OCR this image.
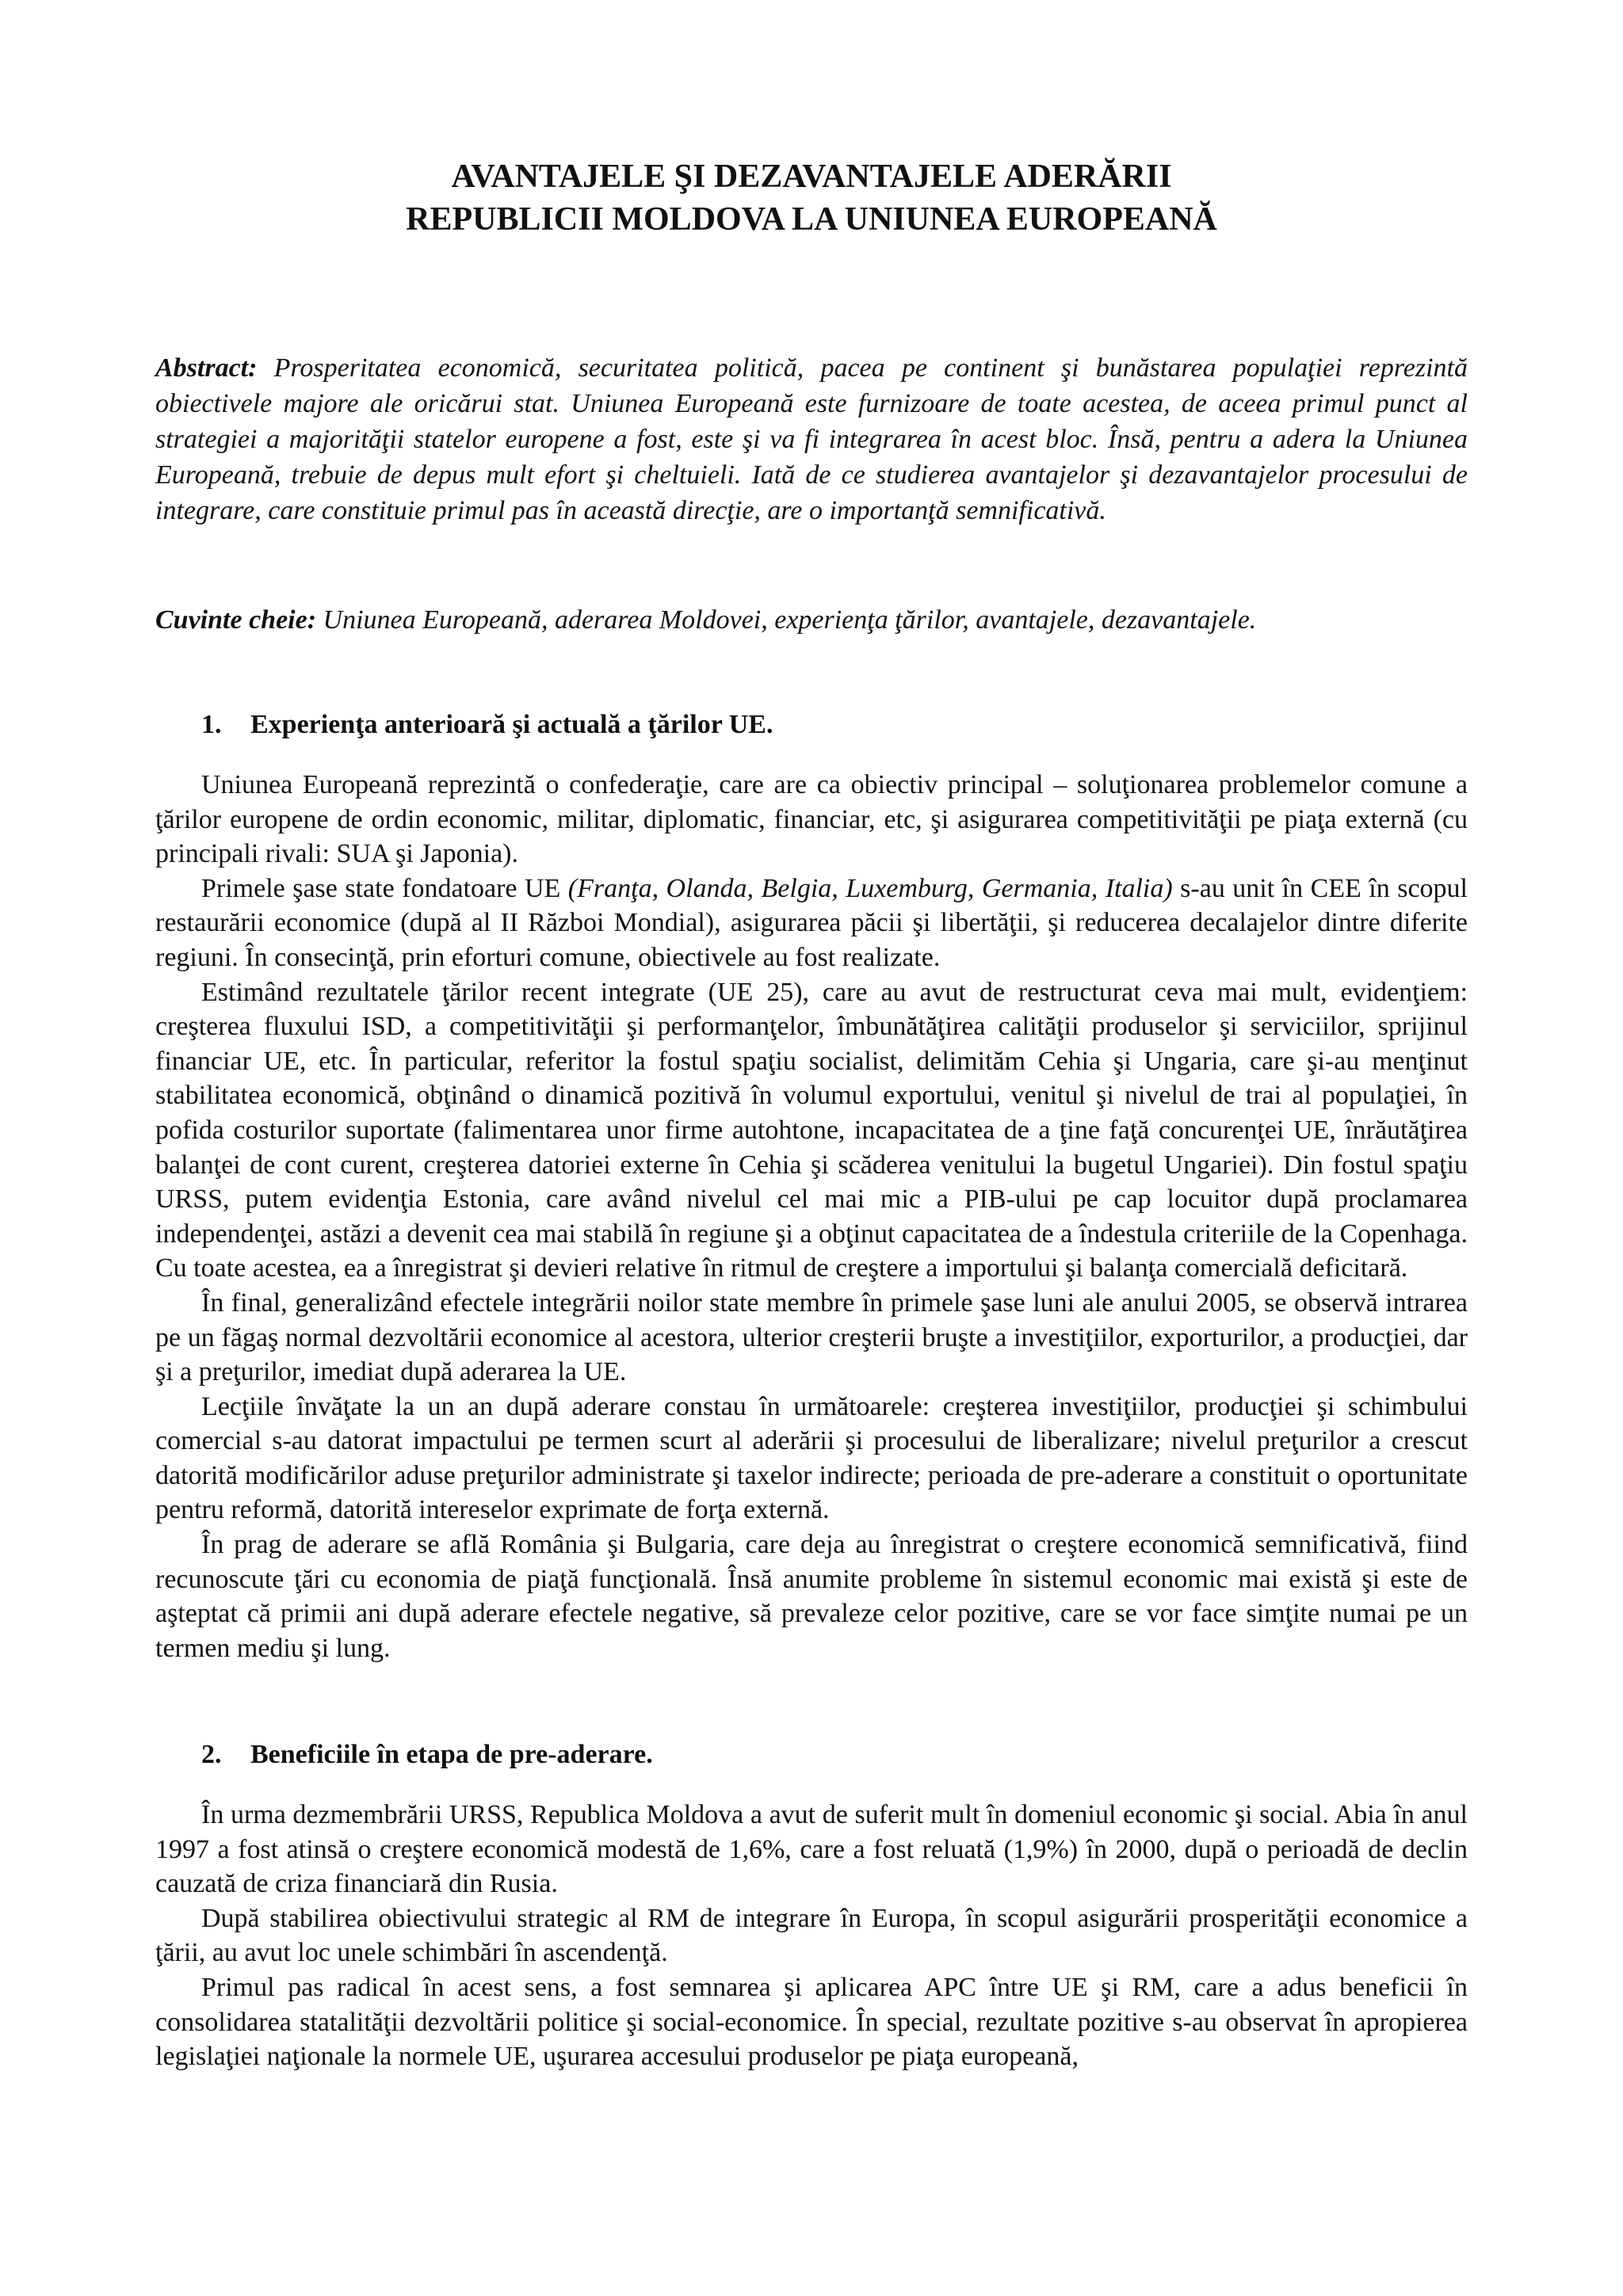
AVANTAJELE ŞI DEZAVANTAJELE ADERĂRII
REPUBLICII MOLDOVA LA UNIUNEA EUROPEANĂ

Abstract: Prosperitatea economică, securitatea politică, pacea pe continent şi bunăstarea populaţiei reprezintă obiectivele majore ale oricărui stat. Uniunea Europeană este furnizoare de toate acestea, de aceea primul punct al strategiei a majorităţii statelor europene a fost, este şi va fi integrarea în acest bloc. Însă, pentru a adera la Uniunea Europeană, trebuie de depus mult efort şi cheltuieli. Iată de ce studierea avantajelor şi dezavantajelor procesului de integrare, care constituie primul pas în această direcţie, are o importanţă semnificativă.

Cuvinte cheie: Uniunea Europeană, aderarea Moldovei, experienţa ţărilor, avantajele, dezavantajele.

1. Experienţa anterioară şi actuală a ţărilor UE.

Uniunea Europeană reprezintă o confederaţie, care are ca obiectiv principal – soluţionarea problemelor comune a ţărilor europene de ordin economic, militar, diplomatic, financiar, etc, şi asigurarea competitivităţii pe piaţa externă (cu principali rivali: SUA şi Japonia).

Primele şase state fondatoare UE (Franţa, Olanda, Belgia, Luxemburg, Germania, Italia) s-au unit în CEE în scopul restaurării economice (după al II Război Mondial), asigurarea păcii şi libertăţii, şi reducerea decalajelor dintre diferite regiuni. În consecinţă, prin eforturi comune, obiectivele au fost realizate.

Estimând rezultatele ţărilor recent integrate (UE 25), care au avut de restructurat ceva mai mult, evidenţiem: creşterea fluxului ISD, a competitivităţii şi performanţelor, îmbunătăţirea calităţii produselor şi serviciilor, sprijinul financiar UE, etc. În particular, referitor la fostul spaţiu socialist, delimităm Cehia şi Ungaria, care şi-au menţinut stabilitatea economică, obţinând o dinamică pozitivă în volumul exportului, venitul şi nivelul de trai al populaţiei, în pofida costurilor suportate (falimentarea unor firme autohtone, incapacitatea de a ţine faţă concurenţei UE, înrăutăţirea balanţei de cont curent, creşterea datoriei externe în Cehia şi scăderea venitului la bugetul Ungariei). Din fostul spaţiu URSS, putem evidenţia Estonia, care având nivelul cel mai mic a PIB-ului pe cap locuitor după proclamarea independenţei, astăzi a devenit cea mai stabilă în regiune şi a obţinut capacitatea de a îndestula criteriile de la Copenhaga. Cu toate acestea, ea a înregistrat şi devieri relative în ritmul de creştere a importului şi balanţa comercială deficitară.

În final, generalizând efectele integrării noilor state membre în primele şase luni ale anului 2005, se observă intrarea pe un făgaş normal dezvoltării economice al acestora, ulterior creşterii bruşte a investiţiilor, exporturilor, a producţiei, dar şi a preţurilor, imediat după aderarea la UE.

Lecţiile învăţate la un an după aderare constau în următoarele: creşterea investiţiilor, producţiei şi schimbului comercial s-au datorat impactului pe termen scurt al aderării şi procesului de liberalizare; nivelul preţurilor a crescut datorită modificărilor aduse preţurilor administrate şi taxelor indirecte; perioada de pre-aderare a constituit o oportunitate pentru reformă, datorită intereselor exprimate de forţa externă.

În prag de aderare se află România şi Bulgaria, care deja au înregistrat o creştere economică semnificativă, fiind recunoscute ţări cu economia de piaţă funcţională. Însă anumite probleme în sistemul economic mai există şi este de aşteptat că primii ani după aderare efectele negative, să prevaleze celor pozitive, care se vor face simţite numai pe un termen mediu şi lung.

2. Beneficiile în etapa de pre-aderare.

În urma dezmembrării URSS, Republica Moldova a avut de suferit mult în domeniul economic şi social. Abia în anul 1997 a fost atinsă o creştere economică modestă de 1,6%, care a fost reluată (1,9%) în 2000, după o perioadă de declin cauzată de criza financiară din Rusia.

După stabilirea obiectivului strategic al RM de integrare în Europa, în scopul asigurării prosperităţii economice a ţării, au avut loc unele schimbări în ascendenţă.

Primul pas radical în acest sens, a fost semnarea şi aplicarea APC între UE şi RM, care a adus beneficii în consolidarea statalităţii dezvoltării politice şi social-economice. În special, rezultate pozitive s-au observat în apropierea legislaţiei naţionale la normele UE, uşurarea accesului produselor pe piaţa europeană,
